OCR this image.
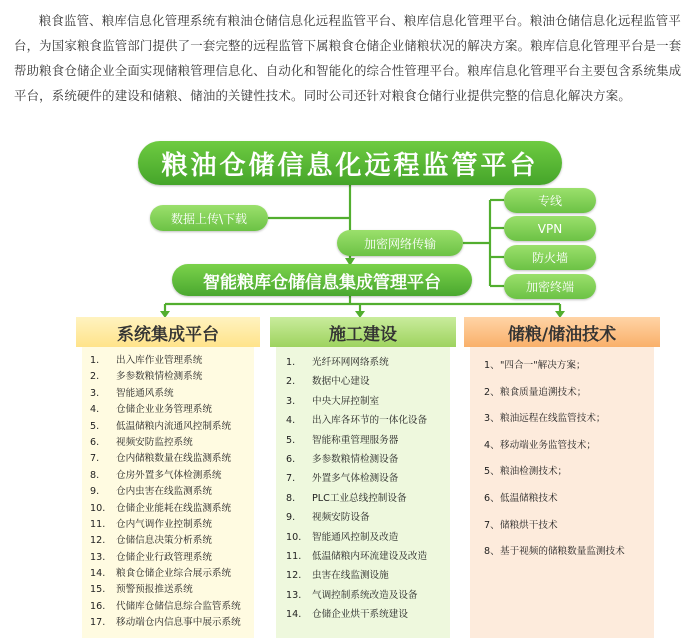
粮食监管、粮库信息化管理系统有粮油仓储信息化远程监管平台、粮库信息化管理平台。粮油仓储信息化远程监管平台，为国家粮食监管部门提供了一套完整的远程监管下属粮食仓储企业储粮状况的解决方案。粮库信息化管理平台是一套帮助粮食仓储企业全面实现储粮管理信息化、自动化和智能化的综合性管理平台。粮库信息化管理平台主要包含系统集成平台，系统硬件的建设和储粮、储油的关键性技术。同时公司还针对粮食仓储行业提供完整的信息化解决方案。

粮油仓储信息化远程监管平台
数据上传\下载
加密网络传输
专线
VPN
防火墙
加密终端
智能粮库仓储信息集成管理平台
系统集成平台
1.	出入库作业管理系统
2.	多参数粮情检测系统
3.	智能通风系统
4.	仓储企业业务管理系统
5.	低温储粮内流通风控制系统
6.	视频安防监控系统
7.	仓内储粮数量在线监测系统
8.	仓房外置多气体检测系统
9.	仓内虫害在线监测系统
10.	仓储企业能耗在线监测系统
11.	仓内气调作业控制系统
12.	仓储信息决策分析系统
13.	仓储企业行政管理系统
14.	粮食仓储企业综合展示系统
15.	预警预报推送系统
16.	代储库仓储信息综合监管系统
17.	移动端仓内信息事中展示系统
施工建设
1.	光纤环网网络系统
2.	数据中心建设
3.	中央大屏控制室
4.	出入库各环节的一体化设备
5.	智能称重管理服务器
6.	多参数粮情检测设备
7.	外置多气体检测设备
8.	PLC工业总线控制设备
9.	视频安防设备
10.	智能通风控制及改造
11.	低温储粮内环流建设及改造
12.	虫害在线监测设施
13.	气调控制系统改造及设备
14.	仓储企业烘干系统建设
储粮/储油技术
1、 "四合一"解决方案；
2、 粮食质量追溯技术；
3、 粮油远程在线监管技术；
4、 移动端业务监管技术；
5、 粮油检测技术；
6、 低温储粮技术
7、 储粮烘干技术
8、 基于视频的储粮数量监测技术
